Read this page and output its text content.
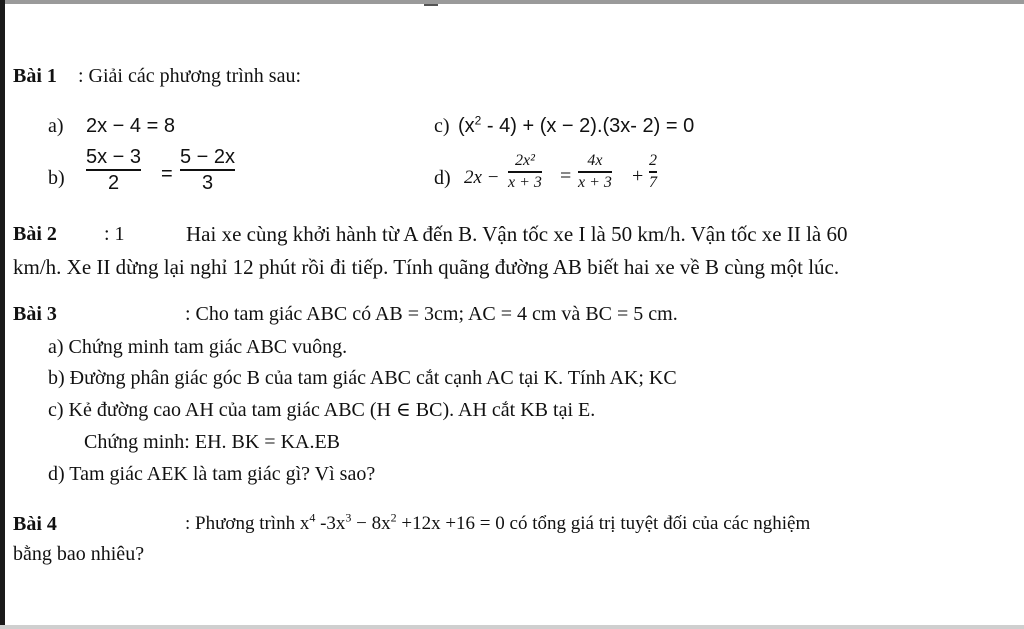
Bài 1 : Giải các phương trình sau:
a) 2x − 4 = 8	c) $(x^2 - 4) + (x - 2).(3x-$ 2) = 0
b)
5x − 3
2 =
5 − 2x
3	d) 2x −
2x²
x + 3 =
4x
x + 3 +
2
7
Bài 2 : 1	Hai xe cùng khởi hành từ A đến B. Vận tốc xe I là 50 km/h. Vận tốc xe II là 60
km/h. Xe II dừng lại nghỉ 12 phút rồi đi tiếp. Tính quãng đường AB biết hai xe về B cùng một lúc.
Bài 3	: Cho tam giác ABC có AB = 3cm; AC = 4 cm và BC = 5 cm.
a) Chứng minh tam giác ABC vuông.
b) Đường phân giác góc B của tam giác ABC cắt cạnh AC tại K. Tính AK; KC
c) Kẻ đường cao AH của tam giác ABC (H ∈ BC). AH cắt KB tại E.
Chứng minh: EH. BK = KA.EB
d) Tam giác AEK là tam giác gì? Vì sao?
Bài 4	: Phương trình $x^4$ $-3x^3 - 8x^2 +12x +16 = 0$ có tổng giá trị tuyệt đối của các nghiệm
bằng bao nhiêu?
